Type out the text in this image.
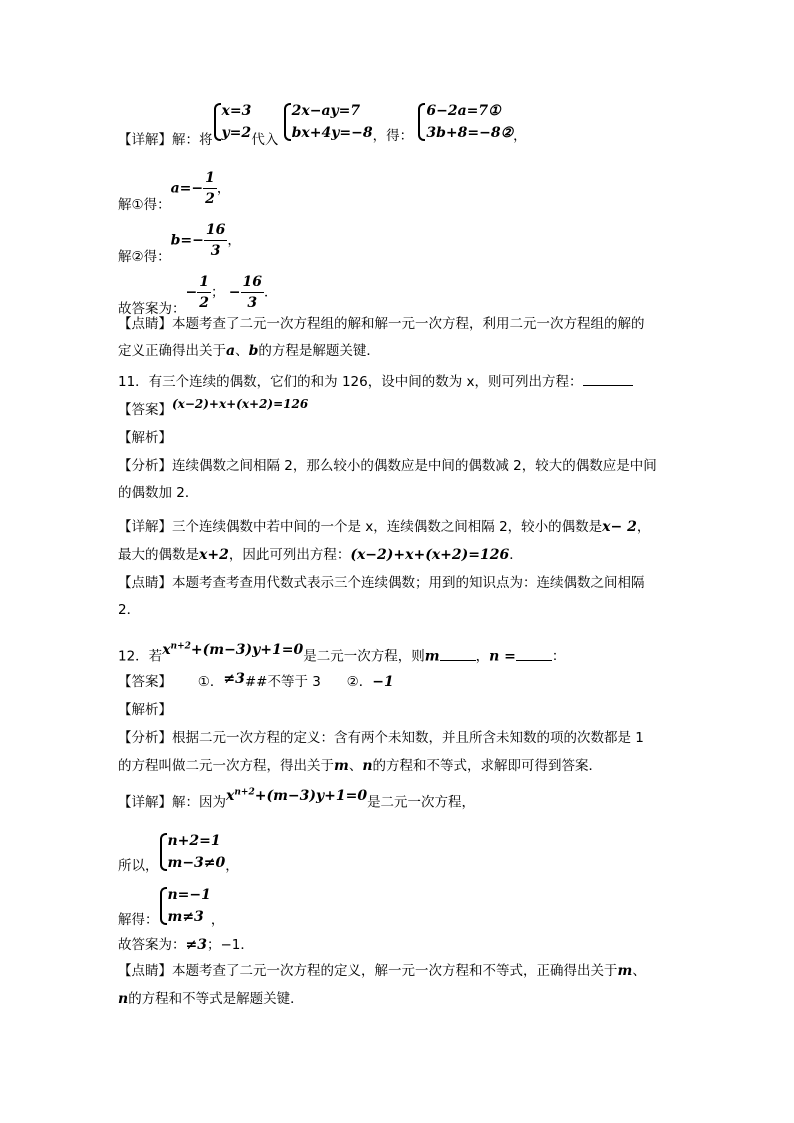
【详解】解：将
x=3
y=2 代入
2x−ay=7
bx+4y=−8 ，得：
6−2a=7①
3b+8=−8② ，
解①得：$a=- \frac{1}{2}$ ，
解②得：$b=- \frac{16}{3}$ ，
故答案为：− $\frac{1}{2}$ ； − $\frac{16}{3}$ ．
【点睛】本题考查了二元一次方程组的解和解一元一次方程，利用二元一次方程组的解的
定义正确得出关于a、b的方程是解题关键．
11．有三个连续的偶数，它们的和为 126，设中间的数为 x，则可列出方程：
【答案】(x−2)+x+(x+2)=126
【解析】
【分析】连续偶数之间相隔 2，那么较小的偶数应是中间的偶数减 2，较大的偶数应是中间
的偶数加 2．
【详解】三个连续偶数中若中间的一个是 x，连续偶数之间相隔 2，较小的偶数是x− 2，
最大的偶数是x+2，因此可列出方程：(x−2)+x+(x+2)=126．
【点睛】本题考查考查用代数式表示三个连续偶数；用到的知识点为：连续偶数之间相隔
2．
12．若$x^{n+2}+(m-3)y+1=0$是二元一次方程，则m	，n =	：
【答案】 ①．≠3##不等于 3 ②．−1
【解析】
【分析】根据二元一次方程的定义：含有两个未知数，并且所含未知数的项的次数都是 1
的方程叫做二元一次方程，得出关于m、n的方程和不等式，求解即可得到答案．
【详解】解：因为$x^{n+2}+(m-3)y+1=0$是二元一次方程，
所以，
n+2=1
m−3≠0 ，
解得：
n=−1
m≠3 ，
故答案为：≠3；−1．
【点睛】本题考查了二元一次方程的定义，解一元一次方程和不等式，正确得出关于m、
n的方程和不等式是解题关键．
